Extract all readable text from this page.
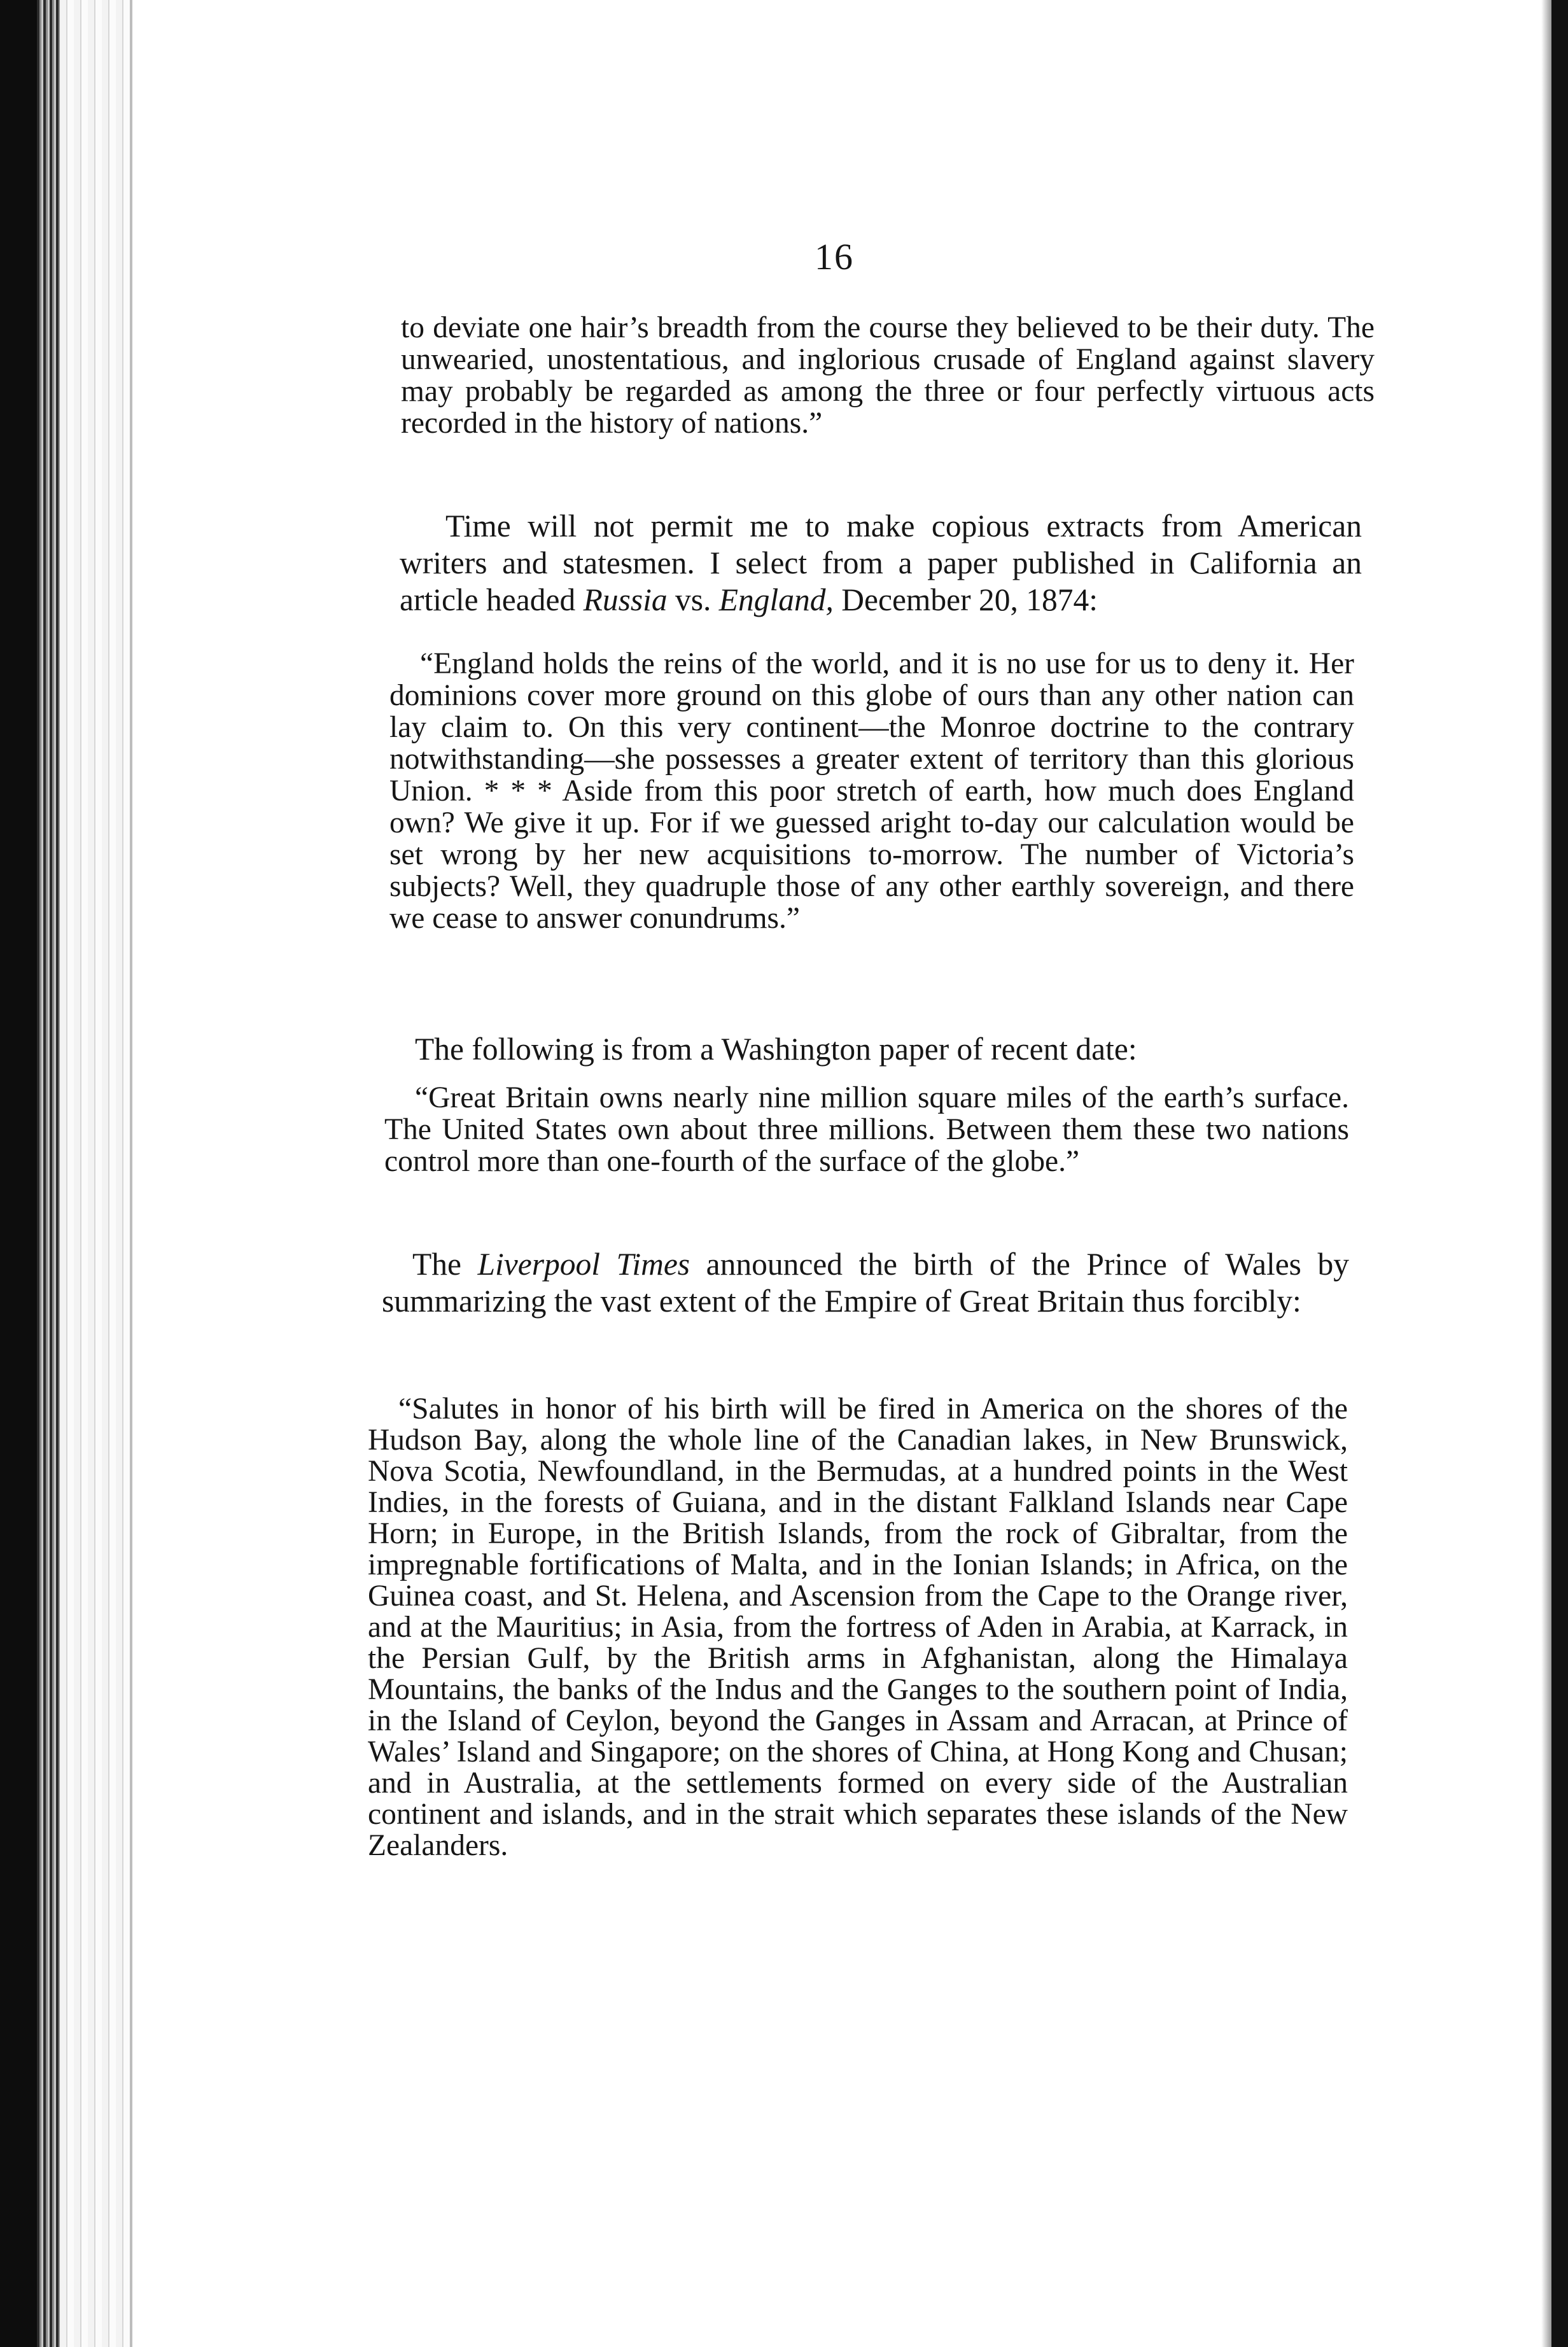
16

to deviate one hair’s breadth from the course they believed to be their duty. The unwearied, unostentatious, and inglorious crusade of England against slavery may probably be regarded as among the three or four perfectly virtuous acts recorded in the history of nations.”

Time will not permit me to make copious extracts from American writers and statesmen. I select from a paper published in California an article headed Russia vs. England, December 20, 1874:

“England holds the reins of the world, and it is no use for us to deny it. Her dominions cover more ground on this globe of ours than any other nation can lay claim to. On this very continent—the Monroe doctrine to the contrary notwithstanding—she possesses a greater extent of territory than this glorious Union. * * * Aside from this poor stretch of earth, how much does England own? We give it up. For if we guessed aright to-day our calculation would be set wrong by her new acquisitions to-morrow. The number of Victoria’s subjects? Well, they quadruple those of any other earthly sovereign, and there we cease to answer conundrums.”

The following is from a Washington paper of recent date:

“Great Britain owns nearly nine million square miles of the earth’s surface. The United States own about three millions. Between them these two nations control more than one-fourth of the surface of the globe.”

The Liverpool Times announced the birth of the Prince of Wales by summarizing the vast extent of the Empire of Great Britain thus forcibly:

“Salutes in honor of his birth will be fired in America on the shores of the Hudson Bay, along the whole line of the Canadian lakes, in New Brunswick, Nova Scotia, Newfoundland, in the Bermudas, at a hundred points in the West Indies, in the forests of Guiana, and in the distant Falkland Islands near Cape Horn; in Europe, in the British Islands, from the rock of Gibraltar, from the impregnable fortifications of Malta, and in the Ionian Islands; in Africa, on the Guinea coast, and St. Helena, and Ascension from the Cape to the Orange river, and at the Mauritius; in Asia, from the fortress of Aden in Arabia, at Karrack, in the Persian Gulf, by the British arms in Afghanistan, along the Himalaya Mountains, the banks of the Indus and the Ganges to the southern point of India, in the Island of Ceylon, beyond the Ganges in Assam and Arracan, at Prince of Wales’ Island and Singapore; on the shores of China, at Hong Kong and Chusan; and in Australia, at the settlements formed on every side of the Australian continent and islands, and in the strait which separates these islands of the New Zealanders.
